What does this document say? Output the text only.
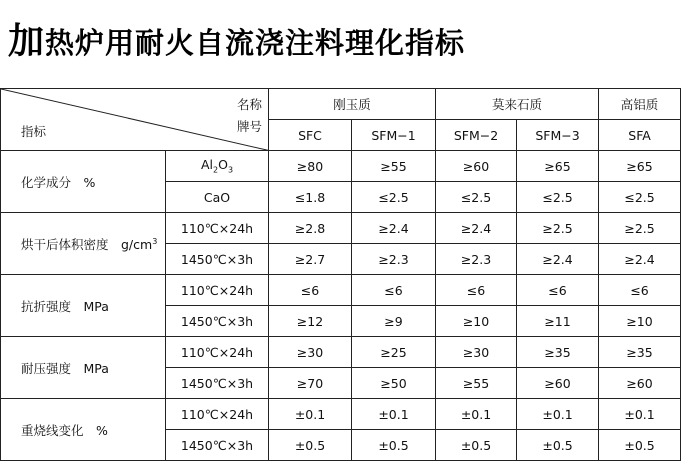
加热炉用耐火自流浇注料理化指标
名称
牌号
指标		刚玉质		莫来石质		高铝质
		SFC	SFM−1	SFM−2	SFM−3	SFA
化学成分　%	$Al_2O_3$	≥80	≥55	≥60	≥65	≥65
	CaO	≤1.8	≤2.5	≤2.5	≤2.5	≤2.5
烘干后体积密度　$g/cm^3$	110℃×24h	≥2.8	≥2.4	≥2.4	≥2.5	≥2.5
	1450℃×3h	≥2.7	≥2.3	≥2.3	≥2.4	≥2.4
抗折强度　MPa	110℃×24h	≤6	≤6	≤6	≤6	≤6
	1450℃×3h	≥12	≥9	≥10	≥11	≥10
耐压强度　MPa	110℃×24h	≥30	≥25	≥30	≥35	≥35
	1450℃×3h	≥70	≥50	≥55	≥60	≥60
重烧线变化　%	110℃×24h	±0.1	±0.1	±0.1	±0.1	±0.1
	1450℃×3h	±0.5	±0.5	±0.5	±0.5	±0.5
